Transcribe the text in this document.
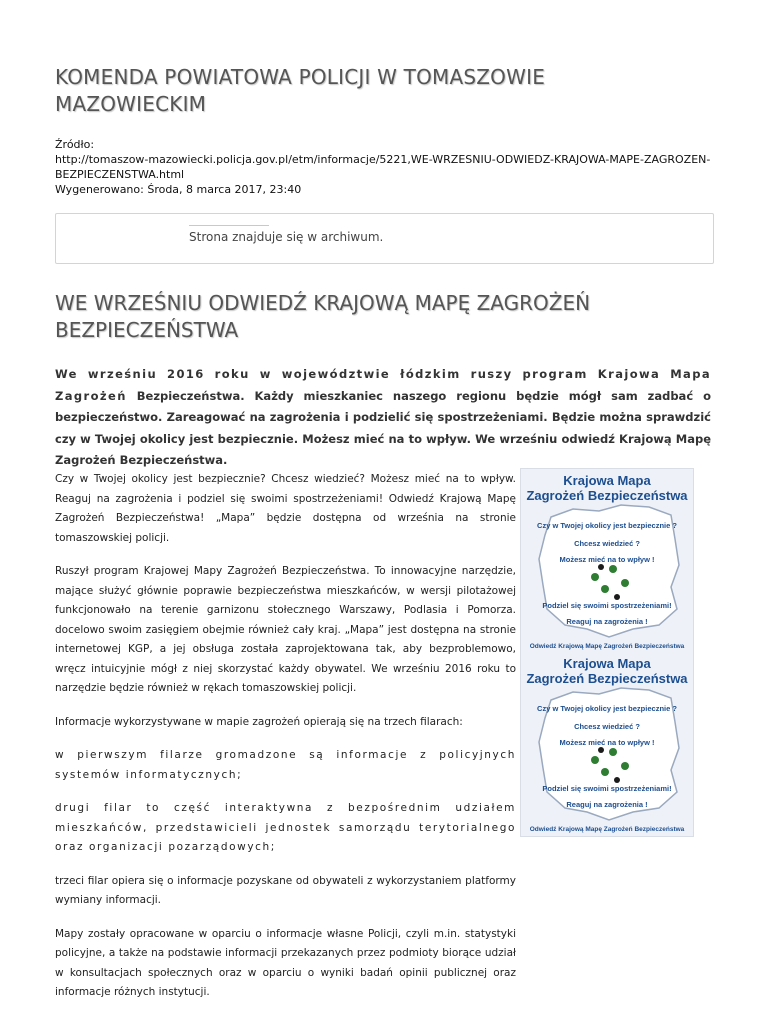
KOMENDA POWIATOWA POLICJI W TOMASZOWIE MAZOWIECKIM
Źródło:
http://tomaszow-mazowiecki.policja.gov.pl/etm/informacje/5221,WE-WRZESNIU-ODWIEDZ-KRAJOWA-MAPE-ZAGROZEN-BEZPIECZENSTWA.html
Wygenerowano: Środa, 8 marca 2017, 23:40
Strona znajduje się w archiwum.
WE WRZEŚNIU ODWIEDŹ KRAJOWĄ MAPĘ ZAGROŻEŃ BEZPIECZEŃSTWA
We wrześniu 2016 roku w województwie łódzkim ruszy program Krajowa Mapa Zagrożeń Bezpieczeństwa. Każdy mieszkaniec naszego regionu będzie mógł sam zadbać o bezpieczeństwo. Zareagować na zagrożenia i podzielić się spostrzeżeniami. Będzie można sprawdzić czy w Twojej okolicy jest bezpiecznie. Możesz mieć na to wpływ. We wrześniu odwiedź Krajową Mapę Zagrożeń Bezpieczeństwa.

Czy w Twojej okolicy jest bezpiecznie? Chcesz wiedzieć? Możesz mieć na to wpływ. Reaguj na zagrożenia i podziel się swoimi spostrzeżeniami! Odwiedź Krajową Mapę Zagrożeń Bezpieczeństwa! „Mapa” będzie dostępna od września na stronie tomaszowskiej policji.

Ruszył program Krajowej Mapy Zagrożeń Bezpieczeństwa. To innowacyjne narzędzie, mające służyć głównie poprawie bezpieczeństwa mieszkańców, w wersji pilotażowej funkcjonowało na terenie garnizonu stołecznego Warszawy, Podlasia i Pomorza. docelowo swoim zasięgiem obejmie również cały kraj. „Mapa” jest dostępna na stronie internetowej KGP, a jej obsługa została zaprojektowana tak, aby bezproblemowo, wręcz intuicyjnie mógł z niej skorzystać każdy obywatel. We wrześniu 2016 roku to narzędzie będzie również w rękach tomaszowskiej policji.

Informacje wykorzystywane w mapie zagrożeń opierają się na trzech filarach:

w pierwszym filarze gromadzone są informacje z policyjnych systemów informatycznych;

drugi filar to część interaktywna z bezpośrednim udziałem mieszkańców, przedstawicieli jednostek samorządu terytorialnego oraz organizacji pozarządowych;

trzeci filar opiera się o informacje pozyskane od obywateli z wykorzystaniem platformy wymiany informacji.

Mapy zostały opracowane w oparciu o informacje własne Policji, czyli m.in. statystyki policyjne, a także na podstawie informacji przekazanych przez podmioty biorące udział w konsultacjach społecznych oraz w oparciu o wyniki badań opinii publicznej oraz informacje różnych instytucji.

Krajowa Mapa
Zagrożeń Bezpieczeństwa
Czy w Twojej okolicy jest bezpiecznie ?
Chcesz wiedzieć ?
Możesz mieć na to wpływ !
Podziel się swoimi spostrzeżeniami!
Reaguj na zagrożenia !
Odwiedź Krajową Mapę Zagrożeń Bezpieczeństwa
Krajowa Mapa
Zagrożeń Bezpieczeństwa
Czy w Twojej okolicy jest bezpiecznie ?
Chcesz wiedzieć ?
Możesz mieć na to wpływ !
Podziel się swoimi spostrzeżeniami!
Reaguj na zagrożenia !
Odwiedź Krajową Mapę Zagrożeń Bezpieczeństwa
